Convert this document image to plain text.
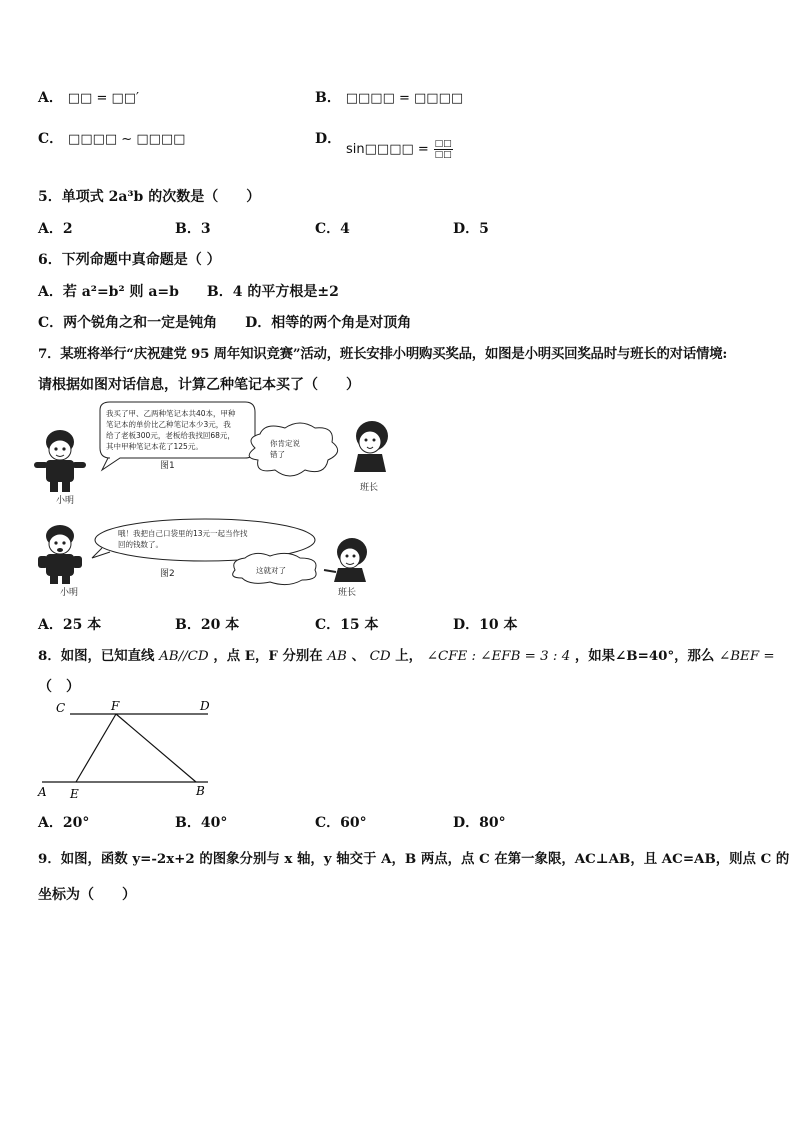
A． □□ = □□′	B． □□□□ = □□□□
C． □□□□ ~ □□□□	D． sin□□□□ = $\frac{□□}{□□}$
5．单项式 2a³b 的次数是（　　）
A．2	B．3	C．4	D．5
6．下列命题中真命题是（ ）
A．若 a²=b² 则 a=b　　B．4 的平方根是±2
C．两个锐角之和一定是钝角　　D．相等的两个角是对顶角
7．某班将举行“庆祝建党 95 周年知识竞赛”活动，班长安排小明购买奖品，如图是小明买回奖品时与班长的对话情境:
请根据如图对话信息，计算乙种笔记本买了（　　）
小明
我买了甲、乙两种笔记本共40本，甲种
笔记本的单价比乙种笔记本少3元，我
给了老板300元，老板给我找回68元，
其中甲种笔记本花了125元。
图1
你肯定说
错了
班长
小明
哦！我把自己口袋里的13元一起当作找
回的钱数了。
图2	这就对了
班长
A．25 本	B．20 本	C．15 本	D．10 本
8．如图，已知直线 AB//CD ，点 E，F 分别在 AB 、 CD 上， ∠CFE : ∠EFB = 3 : 4 ，如果∠B=40°，那么 ∠BEF =
（　）
C	F	D
A E	B
A．20°	B．40°	C．60°	D．80°
9．如图，函数 y=-2x+2 的图象分别与 x 轴，y 轴交于 A，B 两点，点 C 在第一象限，AC⊥AB，且 AC=AB，则点 C 的
坐标为（　　）
